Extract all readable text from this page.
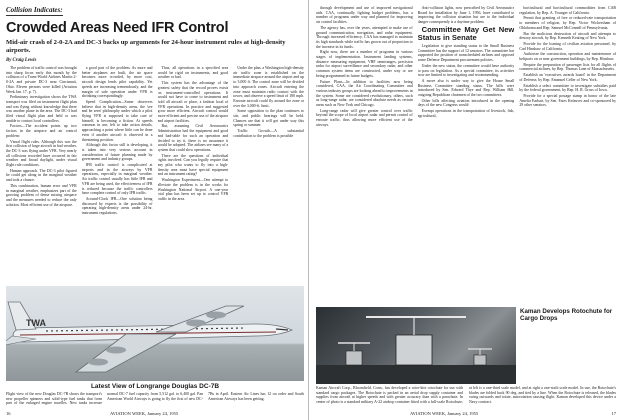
Collision Indicates:
Crowded Areas Need IFR Control
Mid-air crash of 2-0-2A and DC-3 backs up arguments for 24-hour instrument rules at high-density airports.
By Craig Lewis

The problem of traffic control was brought into sharp focus early this month by the collision of a Trans-World Airlines Martin 2-0-2A and private DC-3 near Cincinnati, Ohio. Eleven persons were killed (Aviation Week Jan. 17, p. 7).

Preliminary investigation shows the TWA transport was filed on instrument flight plan and was flying without knowledge that there was another plane in the area. The DC-3 had filed visual flight plan and held or was unable to contact local controllers.

Factors—The accident points up two factors in the airspace and air control problem:

Visual flight rules. Although this was the first collision of large aircraft in bad weather, the DC-3 was flying under VFR. Very nearly all collisions recorded have occurred in fair weather and broad daylight, under visual flight rule conditions.

Human approach. The DC-3 pilot figured he could get along in the marginal weather and took a chance.

This combination, human error and VFR in marginal weather, emphasizes part of the growing problem of dense mixing airspace and the measures needed to reduce the only solution. Most efficient use of the airspace.

a good part of the problem. As more and better airplanes are built, the air space becomes more crowded, by more cost, aircraft design lends pilot capability. Yet speeds are increasing tremendously, and the margin of safe operation under VFR is shrinking correspondingly.

Speed Complication—Some observers believe that in high-density areas, the 'see and be seen' philosophy under which a pilot flying VFR is supposed to take care of himself, is becoming a fiction. At speeds common in use, left to take action details, approaching a point where little can be done even if another aircraft is observed in a threatening position.

Although this factor still is developing, it is taken into very serious account in consideration of future planning made by government and industry groups.

IFR traffic control is complicated at airports and in the airways by VFR operations, especially in marginal weather. Air traffic control usually has little IFR and VFR are being used, the effectiveness of IFR is reduced because the traffic controllers have complete control of only IFR traffic.

Around-Clock IFR—One solution being discussed by experts is the possibility of operating high-density areas under 24-hr. instrument regulations.

Thus, all operations in a specified area would be rigid on instruments, and good weather or bad.

This system has the advantage of the greatest safety that the record proves exists on instrument-controlled operations. It would not have to come to instrument and hold all aircraft or place, a fashion local of VFR operations. In practice and suggested grow more efficient. Aircraft control would more efficient and precise use of the airspace and airport facilities.

But, assuming Civil Aeronautics Administration had the equipment and good and bad-table for such an operation and decided to try it, there is no assurance it would be adopted. The airlines see many of a system that could slow operations.

There are the questions of individual rights involved. Can you legally require that any pilot who wants to fly into a high-density area must have special equipment and an instrument rating?

Washington Experiment—One attempt to alleviate the problem is in the works for Washington National Airport. A one-year trial plan has been set up to control VFR traffic in the area.

Under the plan, a Washington high-density air traffic zone is established on the immediate airspace around the airport and up to 3,000 ft. The control zone will be divided into approach zones. Aircraft entering the zone must maintain radio contact with the tower, and observe a speed limit of 180 mph. Enroute aircraft could fly around the zone or over the 3,000-ft. limit.

Some opposition to the plan continues to stir, and public hearings will be held. Chances are that it will get under way this spring or summer.

Traffic Growth—A substantial contribution to the problem is possible

TWA
Latest View of Longrange Douglas DC-7B
Flight view of the new Douglas DC-7B shows the transport's new propeller spinners and solid-type fuel tanks that form part of the enlarged engine nacelles. New tanks increase normal DC-7 fuel capacity from 5,512 gal. to 6,400 gal. Pan American World Airways is going to fly the first of new DC-7Bs in April. Eastern Air Lines has 12 on order and South American Airways has been getting.
16	AVIATION WEEK, January 24, 1955

through development and use of improved navigational aids. CAA, continually fighting budget problems, has a number of programs under way and planned for improving air control facilities.

The agency has, over the years, attempted to make use of ground communication, navigation, and radar equipment. Through increased efficiency, CAA has managed to maintain its high standards while traffic has grown out of proportion to the increase in its funds.

Right now, there are a number of programs in various stages of implementation. Instrument landing systems, distance measuring equipment, VHF omniranges, precision radar for airport surveillance and secondary radar, and other common system items are constructed, under way or are being programmed in future budgets.

Future Plans—In addition to facilities now being considered, CAA, the Air Coordinating Committee and various industry groups are looking ahead to improvements in the system. Some are considered revolutionary, others, such as long-range radar, are considered absolute needs as certain areas such as New York and Chicago.

Long-range radar will give greater control over traffic beyond the scope of local airport radar and permit control of enroute traffic, thus allowing more efficient use of the airways.

Anti-collision lights, now prescribed by Civil Aeronautics Board for installation by June 1, 1956, have contributed to improving the collision situation but are to the individual danger consequently is a daytime problem.

Committee May Get New Status in Senate

Legislation to give standing status to the Small Business Committee has the support of 12 senators. The committee has supported the position of nonscheduled airlines and opposed some Defense Department procurement policies.

Under the new status, the committee would have authority to pass on legislation. As a special committee, its activities now are limited to investigating and recommending.

A move also is under way to give the House Small Business Committee standing status. The bills were introduced by Sen. Edward Thye and Rep. William Hill, outgoing Republican chairmen of the two committees.

Other bills affecting aviation introduced in the opening days of the new Congress would:

Exempt operations in the transportation of livestock, fish, agricultural,

horticultural and horticultural commodities from CAB regulation, by Rep. A. Younger of California.

Permit that granting of free or reduced-rate transportation to members of religion, by Rep. Victor Wickersham of Oklahoma and Rep. Samuel McConnell of Pennsylvania.

Bar the malicious destruction of aircraft and attempts to destroy aircraft, by Rep. Kenneth Keating of New York.

Provide for the loaning of civilian aviation personnel, by Carl Hinshaw of California.

Authorize the construction, operation and maintenance of heliports on or near government buildings, by Rep. Hinshaw.

Require the preparation of passenger lists for all flights of commercial airlines, by Rep. Thomas Lane of Massachusetts.

Establish an 'executives awards board' in the Department of Defense, by Rep. Emanuel Celler of New York.

Establish a select committee to investigate subsidies paid by the federal government, by Rep. H. R. Gross of Iowa.

Provide for a special postage stamp in honor of the late Amelia Earhart, by Sen. Estes Kefauver and co-sponsored by 29 other senators.

Kaman Develops Rotochute for Cargo Drops
Kaman Aircraft Corp., Bloomfield, Conn., has developed a rotor-kite rotochute for use with standard cargo packages. The Rotochute is packed in an aerial drop supply container and supplies from aircraft at higher speeds and with greater accuracy than with a parachute. In center of photo is a standard military A-22 airdrop container fitted with a full-scale Rotochute, at left is a one-third scale model, and at right a one-sixth scale model. In use, the Rotochute's blades are folded back 90 deg. and tied by a line. When the Rotochute is released, the blades swing outwards and rotate, autorotation causing flight. Kaman developed this device under a Navy contract.
AVIATION WEEK, January 24, 1955	17
